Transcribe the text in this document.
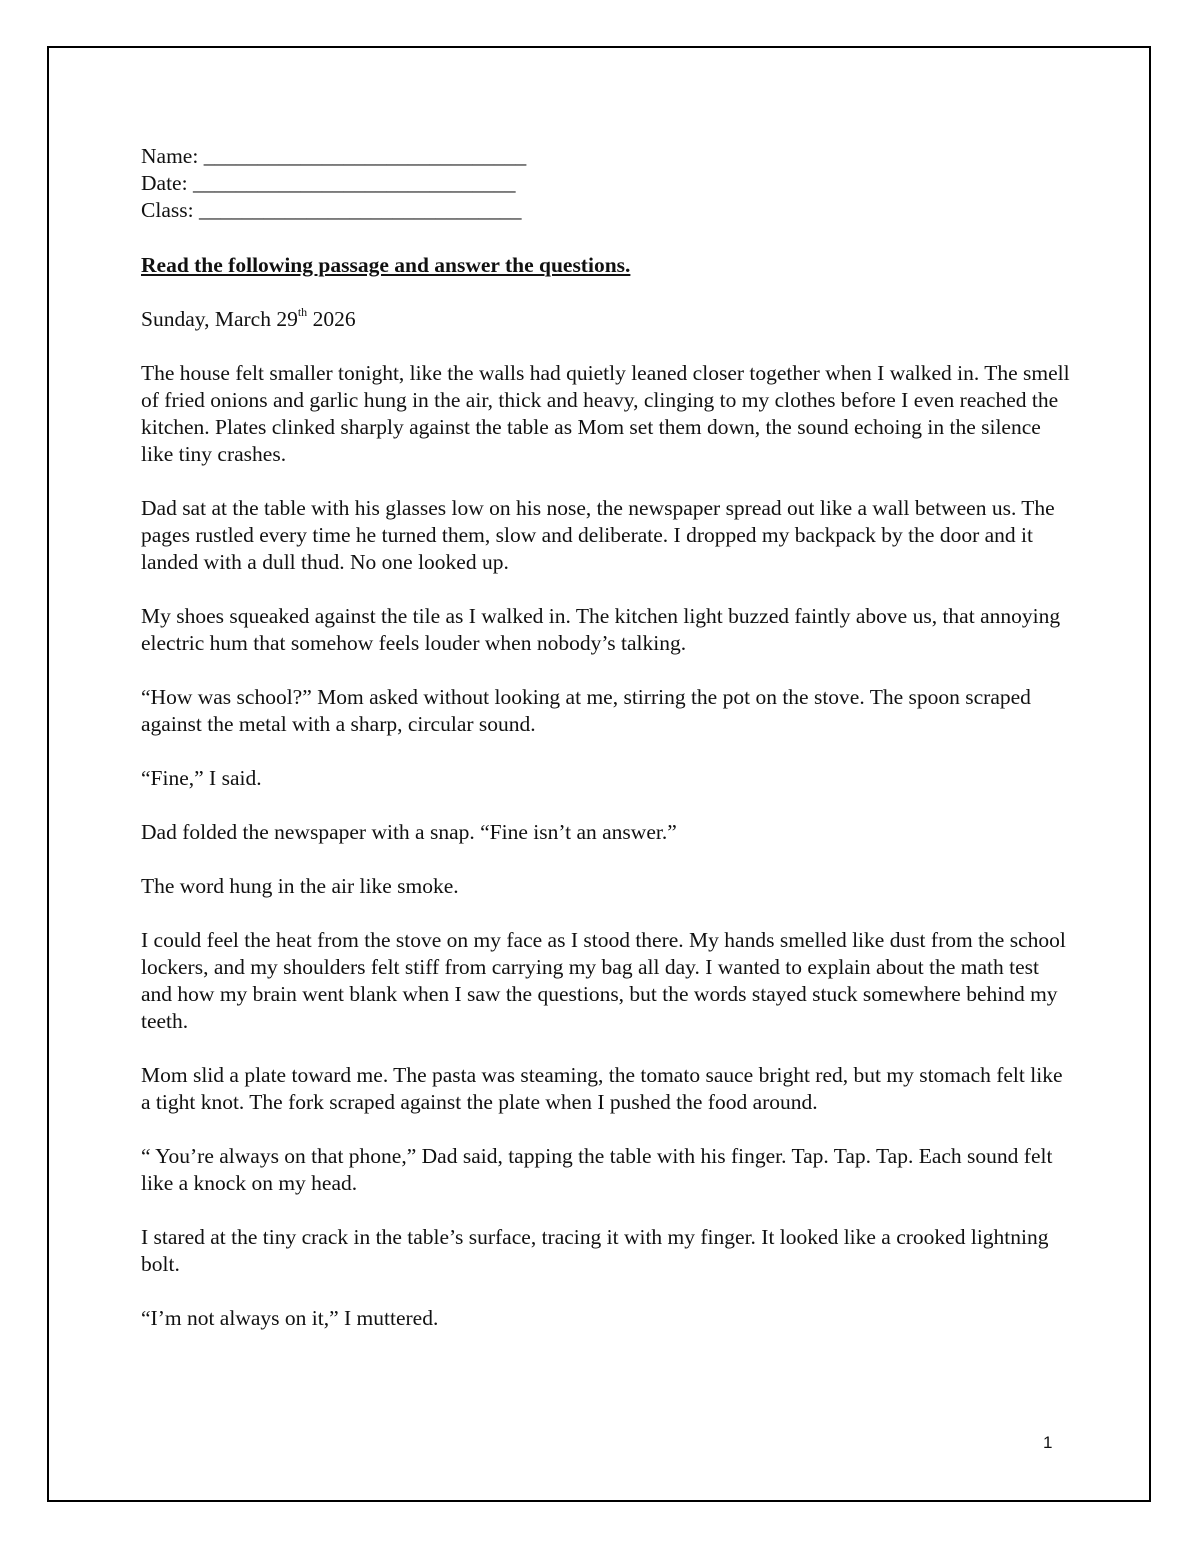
Name: ______________________________

Date: ______________________________

Class: ______________________________

Read the following passage and answer the questions.

Sunday, March 29th 2026

The house felt smaller tonight, like the walls had quietly leaned closer together when I walked in. The smell of fried onions and garlic hung in the air, thick and heavy, clinging to my clothes before I even reached the kitchen. Plates clinked sharply against the table as Mom set them down, the sound echoing in the silence like tiny crashes.

Dad sat at the table with his glasses low on his nose, the newspaper spread out like a wall between us. The pages rustled every time he turned them, slow and deliberate. I dropped my backpack by the door and it landed with a dull thud. No one looked up.

My shoes squeaked against the tile as I walked in. The kitchen light buzzed faintly above us, that annoying electric hum that somehow feels louder when nobody’s talking.

“How was school?” Mom asked without looking at me, stirring the pot on the stove. The spoon scraped against the metal with a sharp, circular sound.

“Fine,” I said.

Dad folded the newspaper with a snap. “Fine isn’t an answer.”

The word hung in the air like smoke.

I could feel the heat from the stove on my face as I stood there. My hands smelled like dust from the school lockers, and my shoulders felt stiff from carrying my bag all day. I wanted to explain about the math test and how my brain went blank when I saw the questions, but the words stayed stuck somewhere behind my teeth.

Mom slid a plate toward me. The pasta was steaming, the tomato sauce bright red, but my stomach felt like a tight knot. The fork scraped against the plate when I pushed the food around.

“ You’re always on that phone,” Dad said, tapping the table with his finger. Tap. Tap. Tap. Each sound felt like a knock on my head.

I stared at the tiny crack in the table’s surface, tracing it with my finger. It looked like a crooked lightning bolt.

“I’m not always on it,” I muttered.

1
